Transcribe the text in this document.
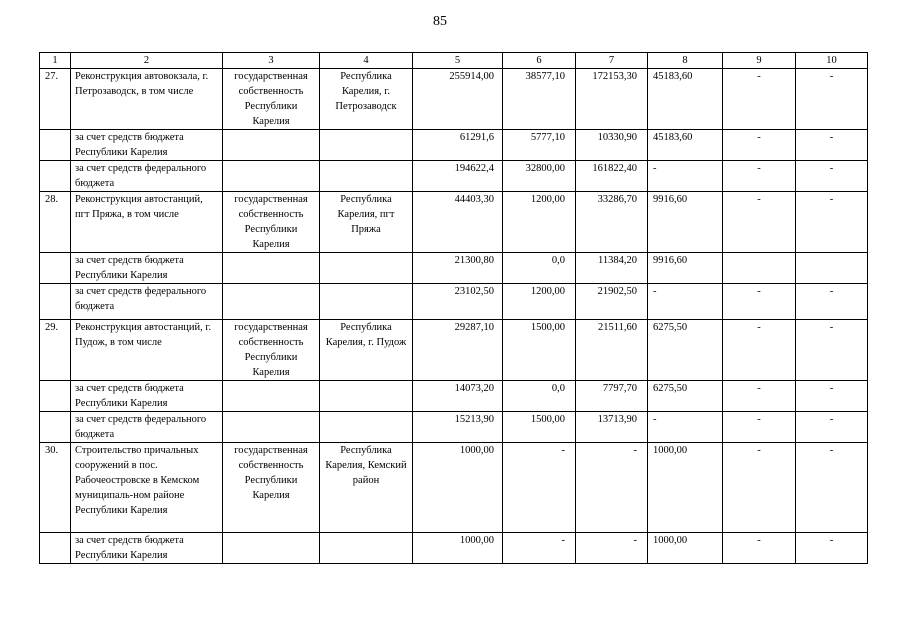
85
1	2	3	4	5	6	7	8	9	10
27.	Реконструкция автовокзала, г. Петрозаводск, в том числе	государственная собственность Республики Карелия	Республика Карелия, г. Петрозаводск	255914,00	38577,10	172153,30	45183,60	-	-
	за счет средств бюджета Республики Карелия			61291,6	5777,10	10330,90	45183,60	-	-
	за счет средств федерального бюджета			194622,4	32800,00	161822,40	-	-	-
28.	Реконструкция автостанций, пгт Пряжа, в том числе	государственная собственность Республики Карелия	Республика Карелия, пгт Пряжа	44403,30	1200,00	33286,70	9916,60	-	-
	за счет средств бюджета Республики Карелия			21300,80	0,0	11384,20	9916,60		
	за счет средств федерального бюджета			23102,50	1200,00	21902,50	-	-	-
29.	Реконструкция автостанций, г. Пудож, в том числе	государственная собственность Республики Карелия	Республика Карелия, г. Пудож	29287,10	1500,00	21511,60	6275,50	-	-
	за счет средств бюджета Республики Карелия			14073,20	0,0	7797,70	6275,50	-	-
	за счет средств федерального бюджета			15213,90	1500,00	13713,90	-	-	-
30.	Строительство причальных сооружений в пос. Рабочеостровске в Кемском муниципаль-ном районе Республики Карелия	государственная собственность Республики Карелия	Республика Карелия, Кемский район	1000,00	-	-	1000,00	-	-
	за счет средств бюджета Республики Карелия			1000,00	-	-	1000,00	-	-
